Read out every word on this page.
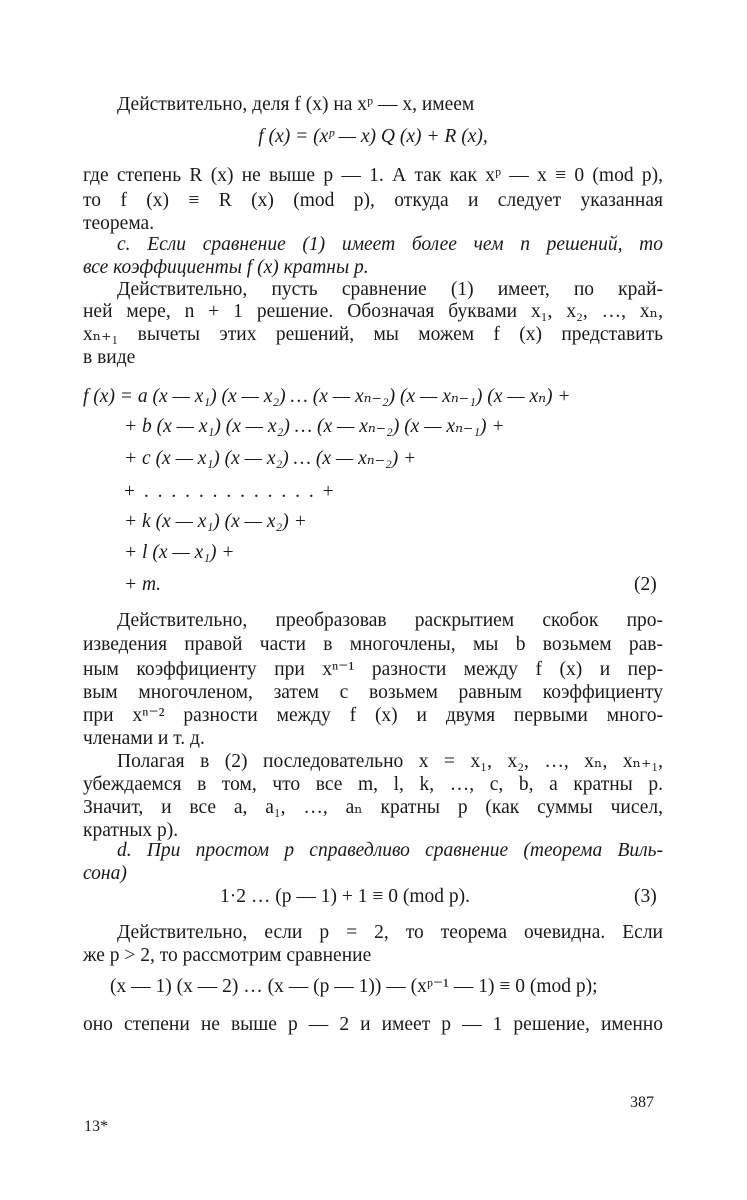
Действительно, деля f (x) на xᵖ — x, имеем
f (x) = (xᵖ — x) Q (x) + R (x),
где степень R (x) не выше p — 1. А так как xᵖ — x ≡ 0 (mod p),
то f (x) ≡ R (x) (mod p), откуда и следует указанная
теорема.
c. Если сравнение (1) имеет более чем n решений, то
все коэффициенты f (x) кратны p.
Действительно, пусть сравнение (1) имеет, по край-
ней мере, n + 1 решение. Обозначая буквами x₁, x₂, …, xₙ,
xₙ₊₁ вычеты этих решений, мы можем f (x) представить
в виде
f (x) = a (x — x₁) (x — x₂) … (x — xₙ₋₂) (x — xₙ₋₁) (x — xₙ) +
+ b (x — x₁) (x — x₂) … (x — xₙ₋₂) (x — xₙ₋₁) +
+ c (x — x₁) (x — x₂) … (x — xₙ₋₂) +
+ . . . . . . . . . . . . . +
+ k (x — x₁) (x — x₂) +
+ l (x — x₁) +
+ m.	(2)
Действительно, преобразовав раскрытием скобок про-
изведения правой части в многочлены, мы b возьмем рав-
ным коэффициенту при xⁿ⁻¹ разности между f (x) и пер-
вым многочленом, затем c возьмем равным коэффициенту
при xⁿ⁻² разности между f (x) и двумя первыми много-
членами и т. д.
Полагая в (2) последовательно x = x₁, x₂, …, xₙ, xₙ₊₁,
убеждаемся в том, что все m, l, k, …, c, b, a кратны p.
Значит, и все a, a₁, …, aₙ кратны p (как суммы чисел,
кратных p).
d. При простом p справедливо сравнение (теорема Виль-
сона)
1·2 … (p — 1) + 1 ≡ 0 (mod p).	(3)
Действительно, если p = 2, то теорема очевидна. Если
же p > 2, то рассмотрим сравнение
(x — 1) (x — 2) … (x — (p — 1)) — (xᵖ⁻¹ — 1) ≡ 0 (mod p);
оно степени не выше p — 2 и имеет p — 1 решение, именно
387
13*
